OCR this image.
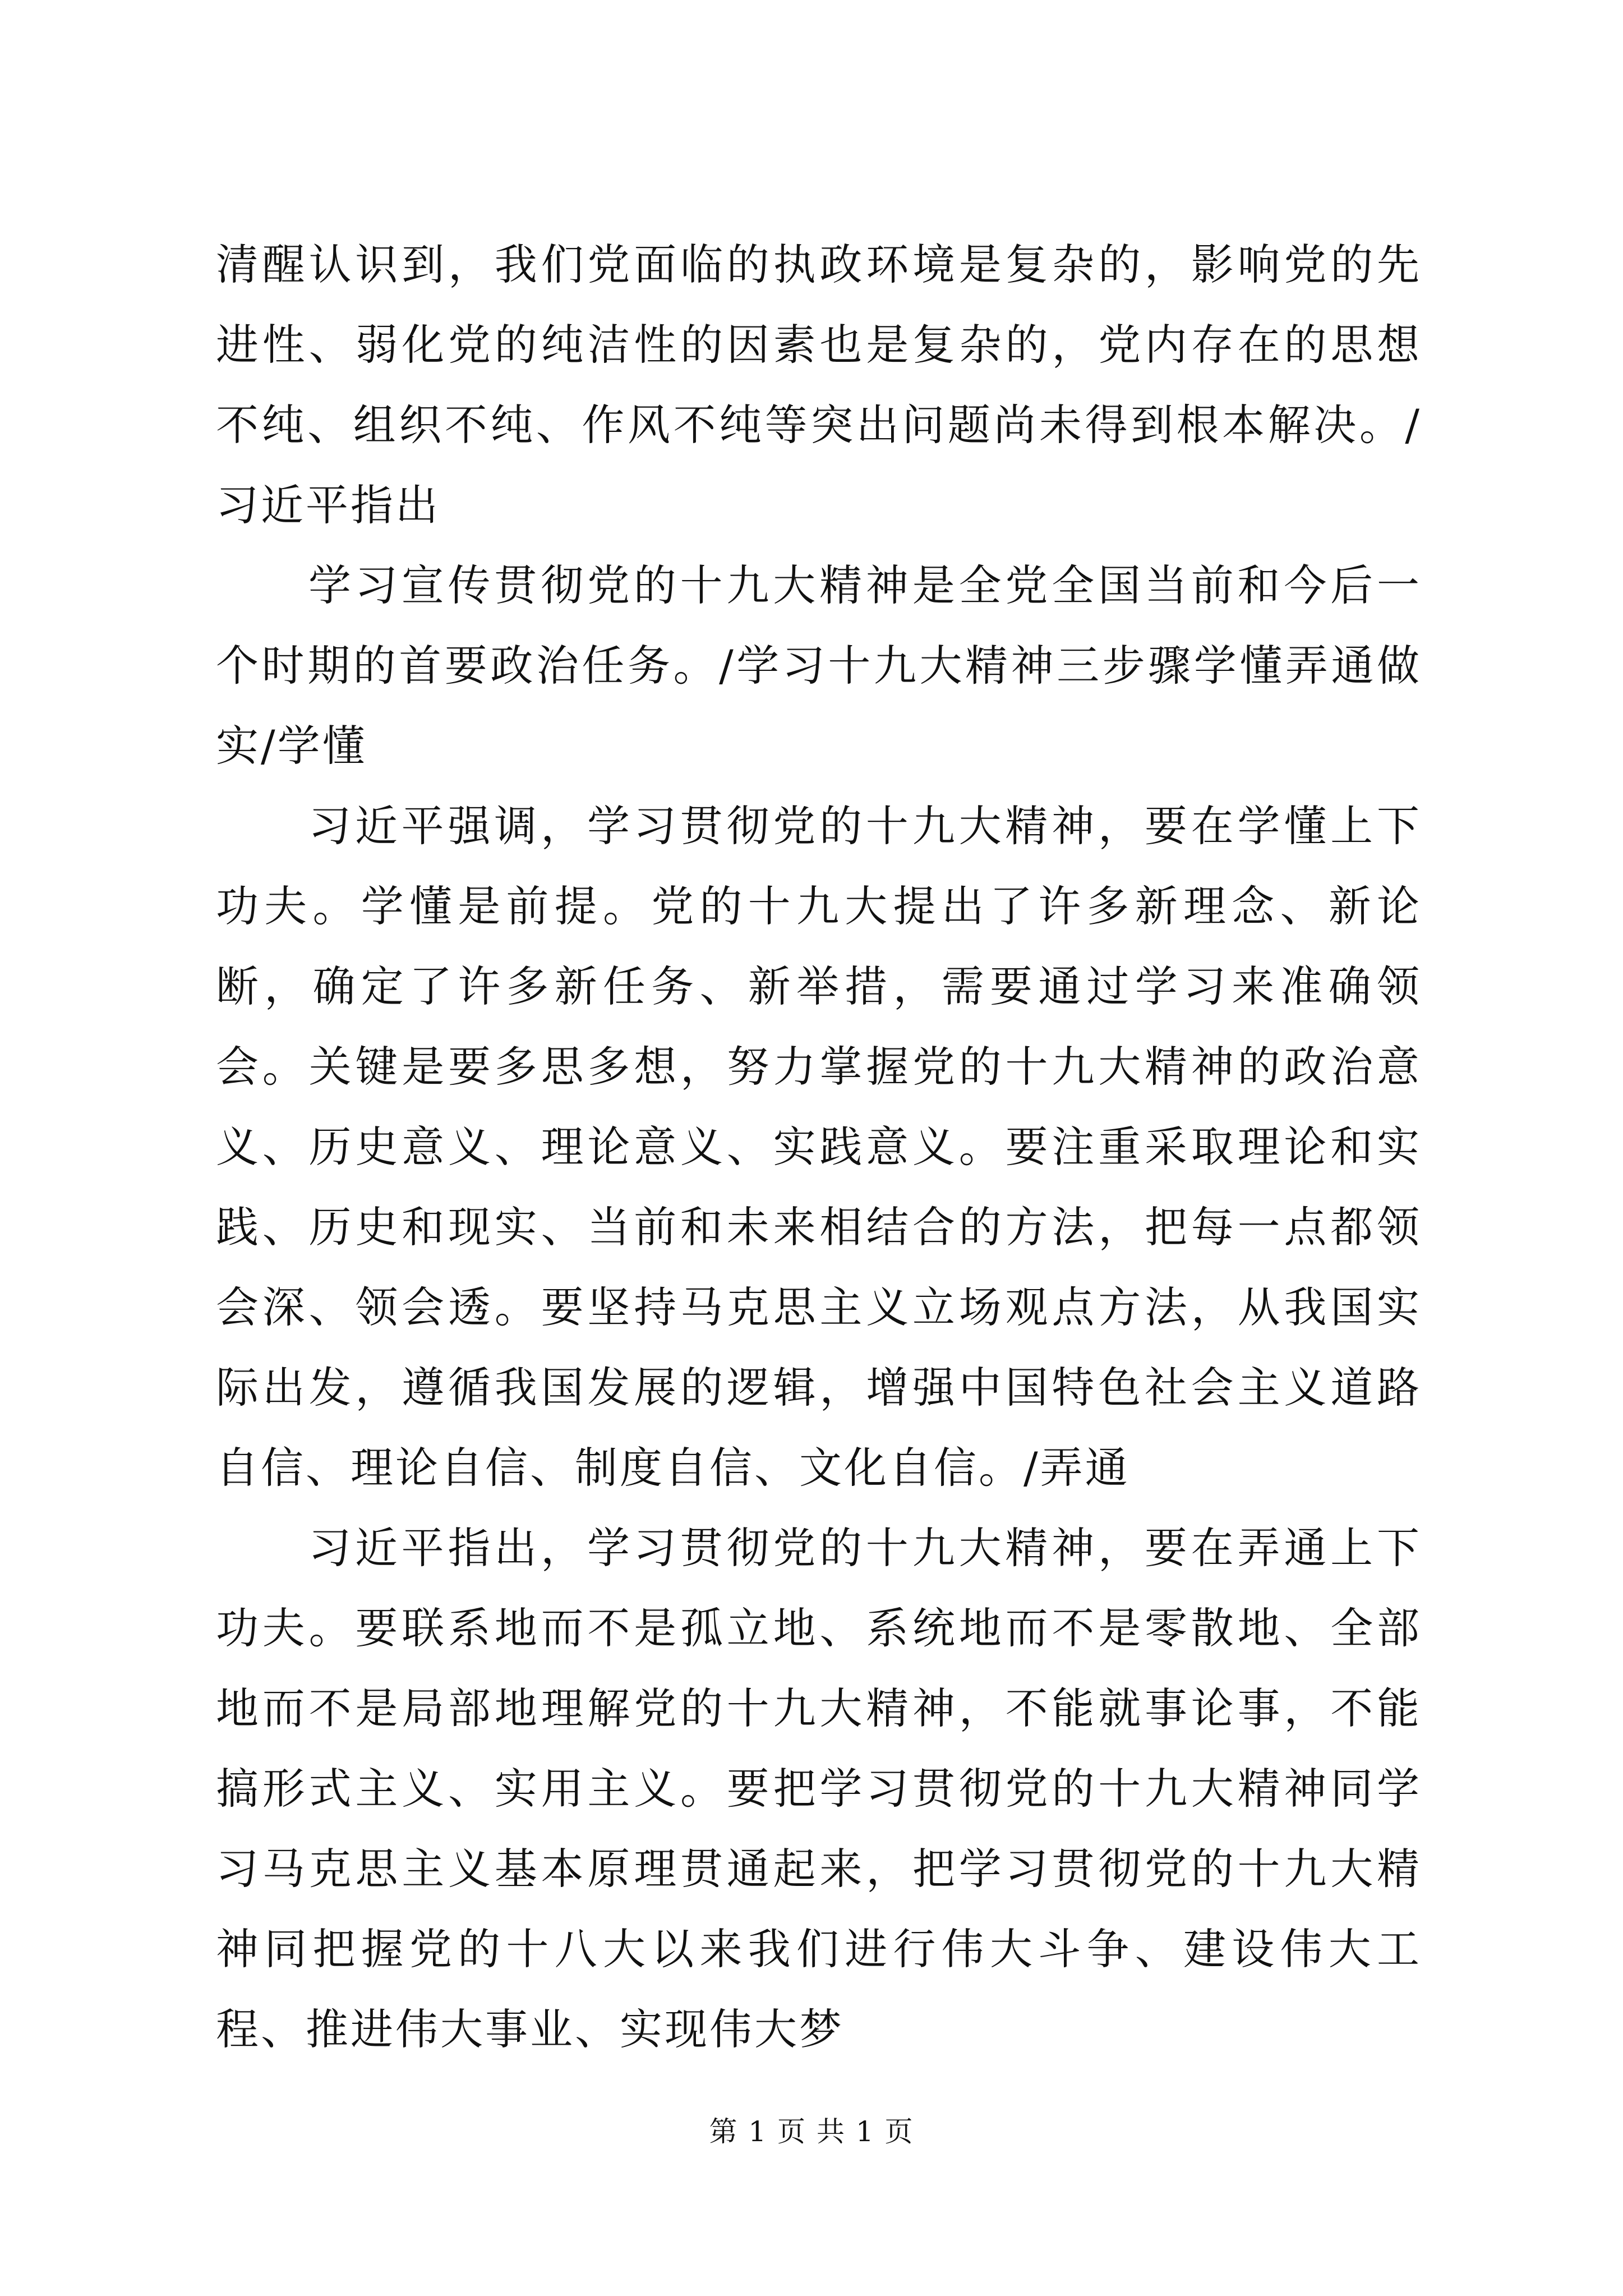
清醒认识到，我们党面临的执政环境是复杂的，影响党的先进性、弱化党的纯洁性的因素也是复杂的，党内存在的思想不纯、组织不纯、作风不纯等突出问题尚未得到根本解决。/习近平指出

学习宣传贯彻党的十九大精神是全党全国当前和今后一个时期的首要政治任务。/学习十九大精神三步骤学懂弄通做实/学懂

习近平强调，学习贯彻党的十九大精神，要在学懂上下功夫。学懂是前提。党的十九大提出了许多新理念、新论断，确定了许多新任务、新举措，需要通过学习来准确领会。关键是要多思多想，努力掌握党的十九大精神的政治意义、历史意义、理论意义、实践意义。要注重采取理论和实践、历史和现实、当前和未来相结合的方法，把每一点都领会深、领会透。要坚持马克思主义立场观点方法，从我国实际出发，遵循我国发展的逻辑，增强中国特色社会主义道路自信、理论自信、制度自信、文化自信。/弄通

习近平指出，学习贯彻党的十九大精神，要在弄通上下功夫。要联系地而不是孤立地、系统地而不是零散地、全部地而不是局部地理解党的十九大精神，不能就事论事，不能搞形式主义、实用主义。要把学习贯彻党的十九大精神同学习马克思主义基本原理贯通起来，把学习贯彻党的十九大精神同把握党的十八大以来我们进行伟大斗争、建设伟大工程、推进伟大事业、实现伟大梦

第 1 页 共 1 页
